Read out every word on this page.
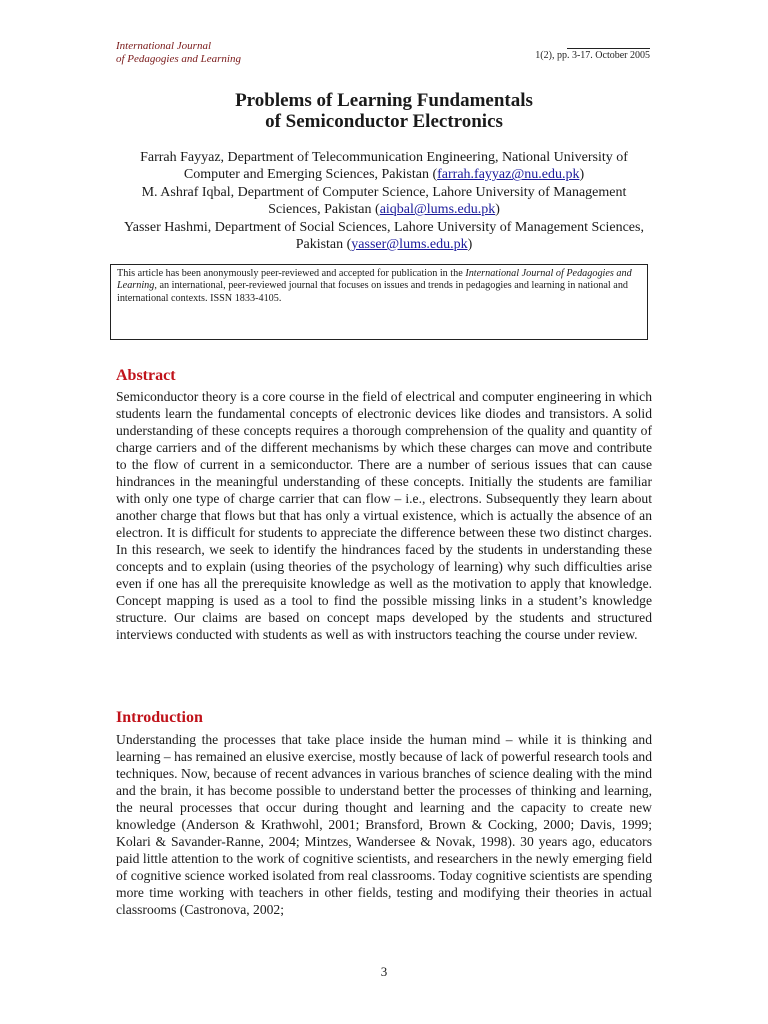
International Journal
of Pedagogies and Learning	1(2), pp. 3-17. October 2005
Problems of Learning Fundamentals
of Semiconductor Electronics
Farrah Fayyaz, Department of Telecommunication Engineering, National University of Computer and Emerging Sciences, Pakistan (farrah.fayyaz@nu.edu.pk)
M. Ashraf Iqbal, Department of Computer Science, Lahore University of Management Sciences, Pakistan (aiqbal@lums.edu.pk)
Yasser Hashmi, Department of Social Sciences, Lahore University of Management Sciences, Pakistan (yasser@lums.edu.pk)
This article has been anonymously peer-reviewed and accepted for publication in the International Journal of Pedagogies and Learning, an international, peer-reviewed journal that focuses on issues and trends in pedagogies and learning in national and international contexts. ISSN 1833-4105.
Abstract
Semiconductor theory is a core course in the field of electrical and computer engineering in which students learn the fundamental concepts of electronic devices like diodes and transistors. A solid understanding of these concepts requires a thorough comprehension of the quality and quantity of charge carriers and of the different mechanisms by which these charges can move and contribute to the flow of current in a semiconductor. There are a number of serious issues that can cause hindrances in the meaningful understanding of these concepts. Initially the students are familiar with only one type of charge carrier that can flow – i.e., electrons. Subsequently they learn about another charge that flows but that has only a virtual existence, which is actually the absence of an electron. It is difficult for students to appreciate the difference between these two distinct charges. In this research, we seek to identify the hindrances faced by the students in understanding these concepts and to explain (using theories of the psychology of learning) why such difficulties arise even if one has all the prerequisite knowledge as well as the motivation to apply that knowledge. Concept mapping is used as a tool to find the possible missing links in a student’s knowledge structure. Our claims are based on concept maps developed by the students and structured interviews conducted with students as well as with instructors teaching the course under review.
Introduction
Understanding the processes that take place inside the human mind – while it is thinking and learning – has remained an elusive exercise, mostly because of lack of powerful research tools and techniques. Now, because of recent advances in various branches of science dealing with the mind and the brain, it has become possible to understand better the processes of thinking and learning, the neural processes that occur during thought and learning and the capacity to create new knowledge (Anderson & Krathwohl, 2001; Bransford, Brown & Cocking, 2000; Davis, 1999; Kolari & Savander-Ranne, 2004; Mintzes, Wandersee & Novak, 1998). 30 years ago, educators paid little attention to the work of cognitive scientists, and researchers in the newly emerging field of cognitive science worked isolated from real classrooms. Today cognitive scientists are spending more time working with teachers in other fields, testing and modifying their theories in actual classrooms (Castronova, 2002;
3
